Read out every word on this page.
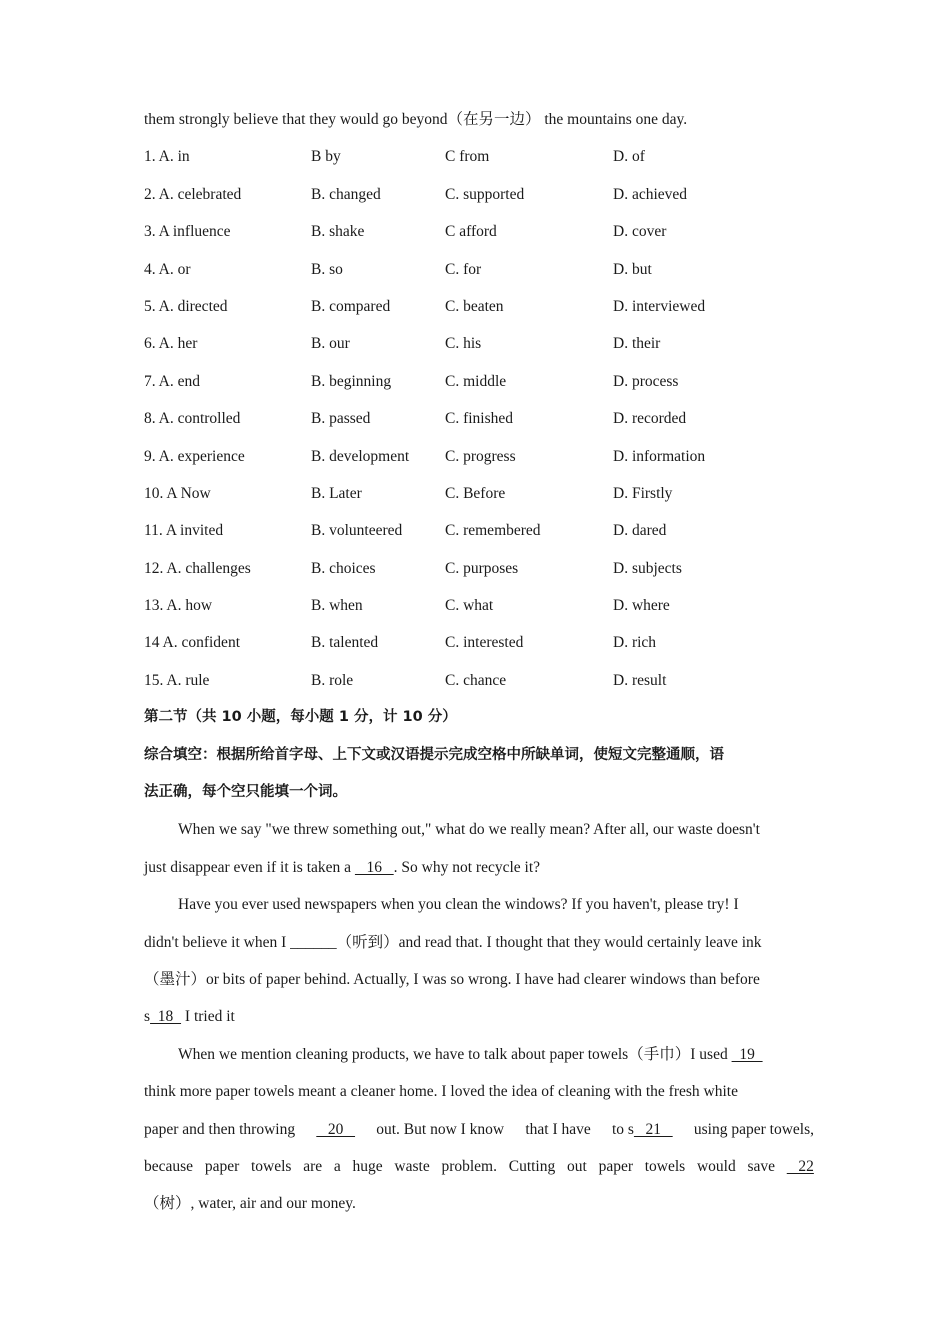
them strongly believe that they would go beyond（在另一边） the mountains one day.
1. A. in	B by	C from	D. of
2. A. celebrated	B. changed	C. supported	D. achieved
3. A influence	B. shake	C afford	D. cover
4. A. or	B. so	C. for	D. but
5. A. directed	B. compared	C. beaten	D. interviewed
6. A. her	B. our	C. his	D. their
7. A. end	B. beginning	C. middle	D. process
8. A. controlled	B. passed	C. finished	D. recorded
9. A. experience	B. development C. progress	D. information
10. A Now	B. Later	C. Before	D. Firstly
11. A invited	B. volunteered	C. remembered	D. dared
12. A. challenges	B. choices	C. purposes	D. subjects
13. A. how	B. when	C. what	D. where
14 A. confident	B. talented	C. interested	D. rich
15. A. rule	B. role	C. chance	D. result
第二节（共 10 小题，每小题 1 分，计 10 分）
综合填空：根据所给首字母、上下文或汉语提示完成空格中所缺单词，使短文完整通顺，语
法正确，每个空只能填一个词。
When we say "we threw something out," what do we really mean? After all, our waste doesn't
just disappear even if it is taken a    16   . So why not recycle it?
Have you ever used newspapers when you clean the windows? If you haven't, please try! I
didn't believe it when I ______（听到）and read that. I thought that they would certainly leave ink
（墨汁）or bits of paper behind. Actually, I was so wrong. I have had clearer windows than before
s  18   I tried it
When we mention cleaning products, we have to talk about paper towels（手巾）I used   19
think more paper towels meant a cleaner home. I loved the idea of cleaning with the fresh white
paper and then throwing 20 out. But now I know that I have to s   21 using paper towels,
because paper towels are a huge waste problem. Cutting out paper towels would save 22
（树）, water, air and our money.
